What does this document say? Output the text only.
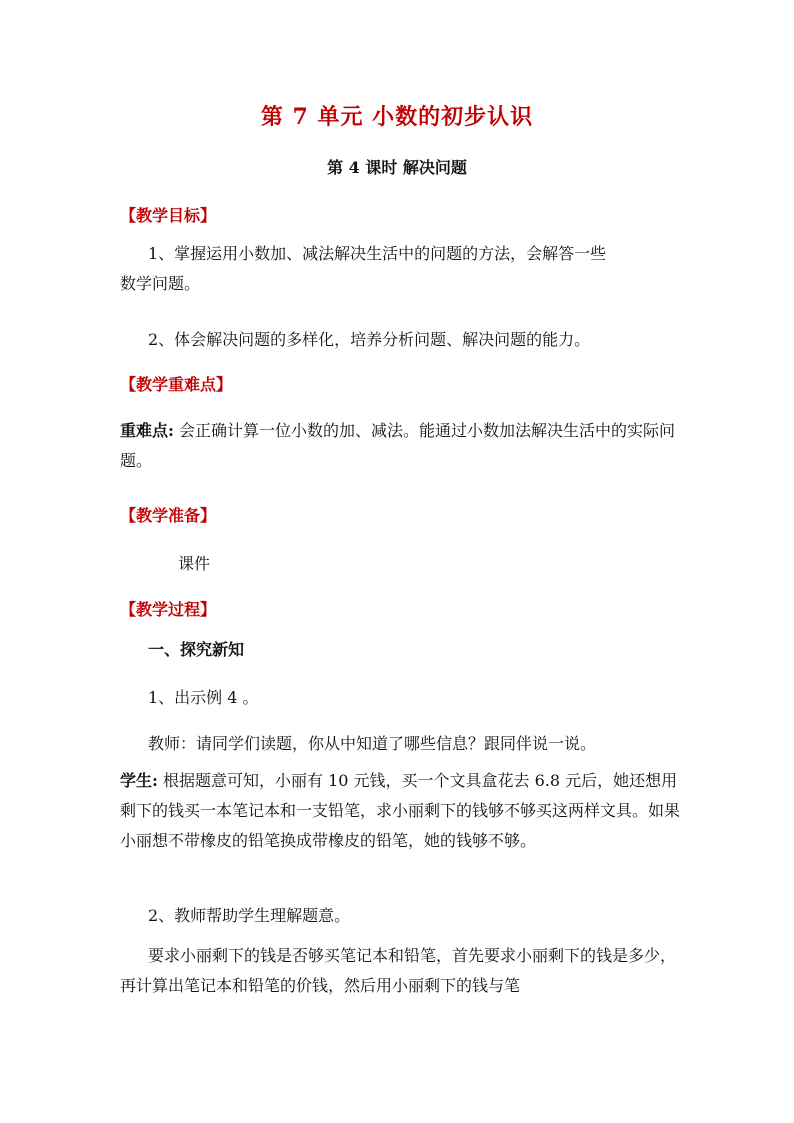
第 7 单元 小数的初步认识
第 4 课时 解决问题
【教学目标】
1、掌握运用小数加、减法解决生活中的问题的方法，会解答一些
数学问题。
2、体会解决问题的多样化，培养分析问题、解决问题的能力。
【教学重难点】
重难点: 会正确计算一位小数的加、减法。能通过小数加法解决生活中的实际问题。
【教学准备】
课件
【教学过程】
一、探究新知
1、出示例 4 。
教师：请同学们读题，你从中知道了哪些信息？跟同伴说一说。
学生: 根据题意可知，小丽有 10 元钱，买一个文具盒花去 6.8 元后，她还想用剩下的钱买一本笔记本和一支铅笔，求小丽剩下的钱够不够买这两样文具。如果小丽想不带橡皮的铅笔换成带橡皮的铅笔，她的钱够不够。
2、教师帮助学生理解题意。
要求小丽剩下的钱是否够买笔记本和铅笔，首先要求小丽剩下的钱是多少，再计算出笔记本和铅笔的价钱，然后用小丽剩下的钱与笔
